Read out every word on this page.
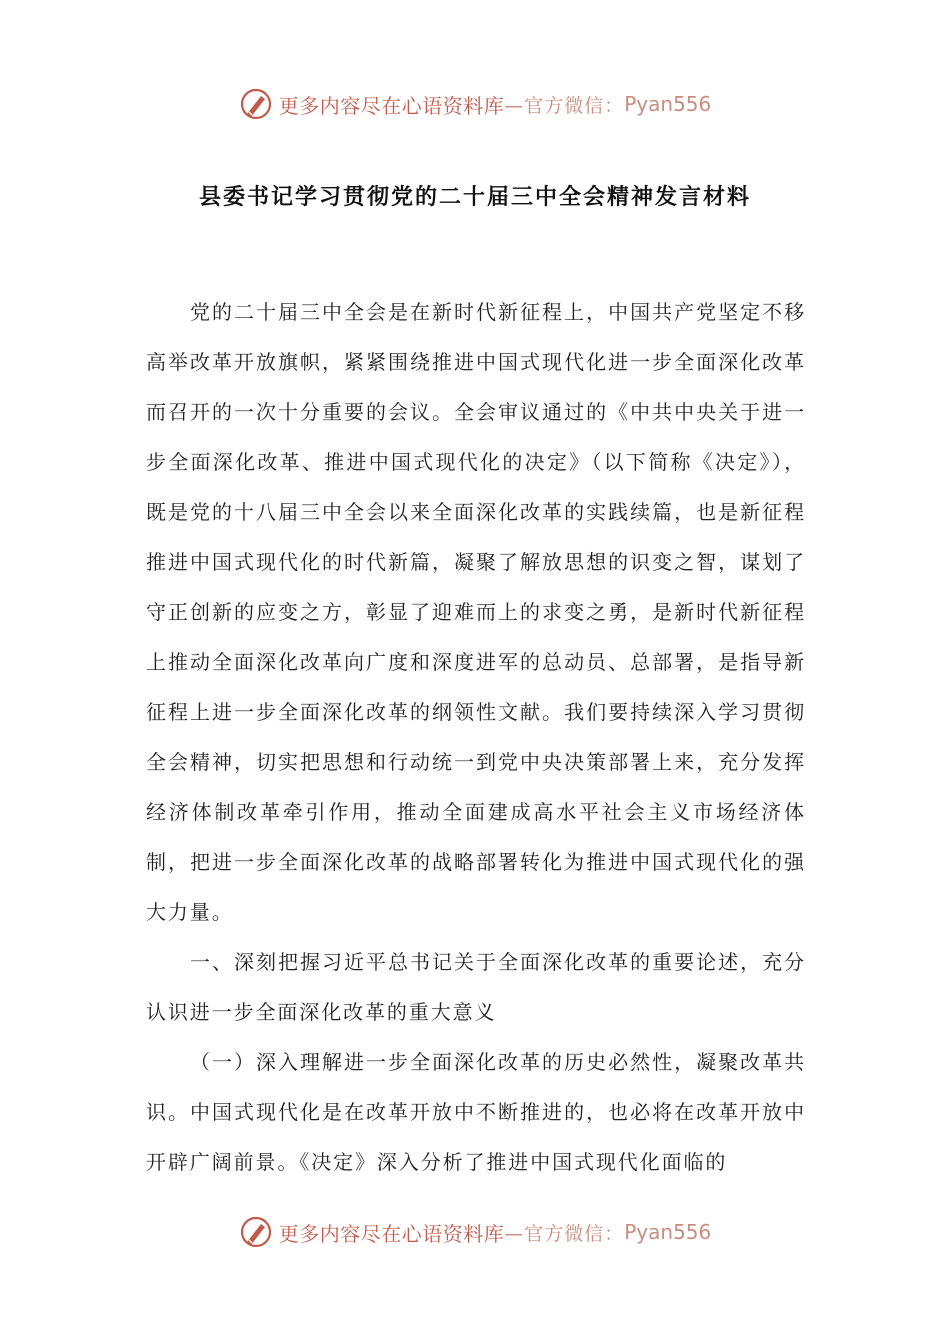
更多内容尽在心语资料库 —官方微信： Pyan556
县委书记学习贯彻党的二十届三中全会精神发言材料

党的二十届三中全会是在新时代新征程上，中国共产党坚定不移高举改革开放旗帜，紧紧围绕推进中国式现代化进一步全面深化改革而召开的一次十分重要的会议。全会审议通过的《中共中央关于进一步全面深化改革、推进中国式现代化的决定》（以下简称《决定》），既是党的十八届三中全会以来全面深化改革的实践续篇，也是新征程推进中国式现代化的时代新篇，凝聚了解放思想的识变之智，谋划了守正创新的应变之方，彰显了迎难而上的求变之勇，是新时代新征程上推动全面深化改革向广度和深度进军的总动员、总部署，是指导新征程上进一步全面深化改革的纲领性文献。我们要持续深入学习贯彻全会精神，切实把思想和行动统一到党中央决策部署上来，充分发挥经济体制改革牵引作用，推动全面建成高水平社会主义市场经济体制，把进一步全面深化改革的战略部署转化为推进中国式现代化的强大力量。

一、深刻把握习近平总书记关于全面深化改革的重要论述，充分认识进一步全面深化改革的重大意义

（一）深入理解进一步全面深化改革的历史必然性，凝聚改革共识。中国式现代化是在改革开放中不断推进的，也必将在改革开放中开辟广阔前景。《决定》深入分析了推进中国式现代化面临的

更多内容尽在心语资料库 —官方微信： Pyan556
